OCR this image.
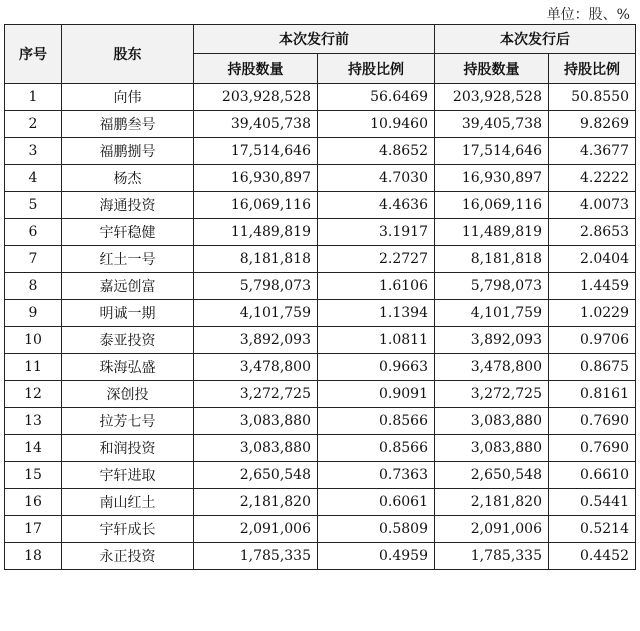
单位：股、%
序号	股东	本次发行前		本次发行后	
		持股数量	持股比例	持股数量	持股比例
1	向伟	203,928,528	56.6469	203,928,528	50.8550
2	福鹏叁号	39,405,738	10.9460	39,405,738	9.8269
3	福鹏捌号	17,514,646	4.8652	17,514,646	4.3677
4	杨杰	16,930,897	4.7030	16,930,897	4.2222
5	海通投资	16,069,116	4.4636	16,069,116	4.0073
6	宇轩稳健	11,489,819	3.1917	11,489,819	2.8653
7	红土一号	8,181,818	2.2727	8,181,818	2.0404
8	嘉远创富	5,798,073	1.6106	5,798,073	1.4459
9	明诚一期	4,101,759	1.1394	4,101,759	1.0229
10	泰亚投资	3,892,093	1.0811	3,892,093	0.9706
11	珠海弘盛	3,478,800	0.9663	3,478,800	0.8675
12	深创投	3,272,725	0.9091	3,272,725	0.8161
13	拉芳七号	3,083,880	0.8566	3,083,880	0.7690
14	和润投资	3,083,880	0.8566	3,083,880	0.7690
15	宇轩进取	2,650,548	0.7363	2,650,548	0.6610
16	南山红土	2,181,820	0.6061	2,181,820	0.5441
17	宇轩成长	2,091,006	0.5809	2,091,006	0.5214
18	永正投资	1,785,335	0.4959	1,785,335	0.4452
